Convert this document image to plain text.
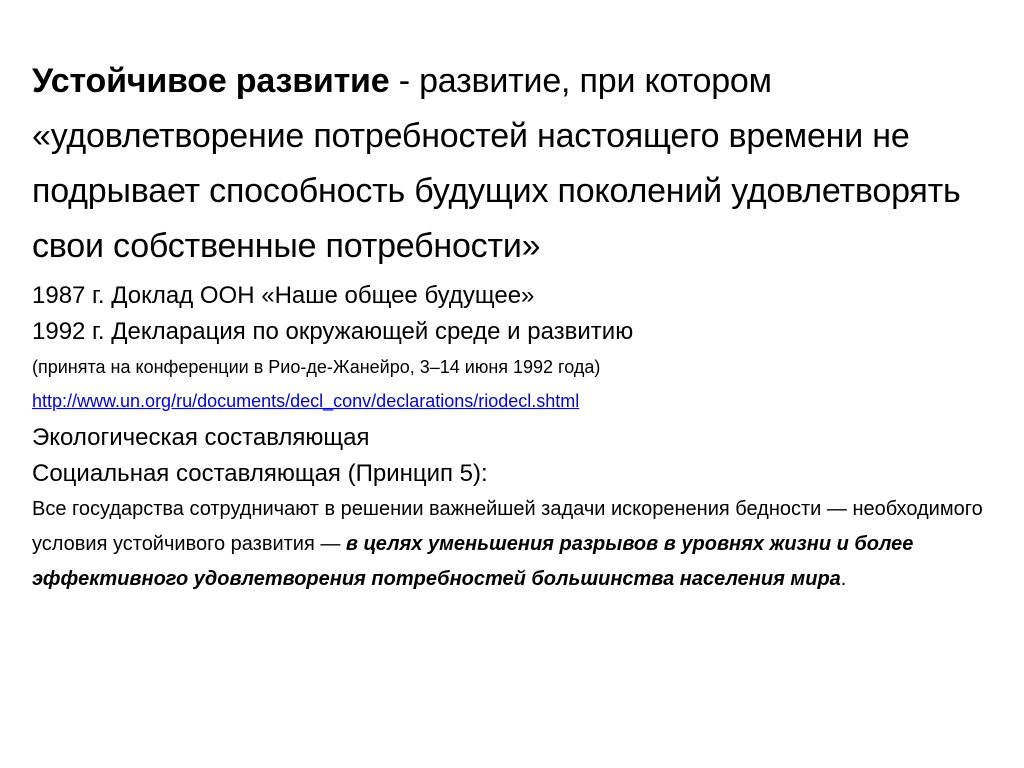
Устойчивое развитие - развитие, при котором «удовлетворение потребностей настоящего времени не подрывает способность будущих поколений удовлетворять свои собственные потребности»

1987 г. Доклад ООН «Наше общее будущее»

1992 г. Декларация по окружающей среде и развитию

(принята на конференции в Рио-де-Жанейро, 3–14 июня 1992 года)

http://www.un.org/ru/documents/decl_conv/declarations/riodecl.shtml

Экологическая составляющая

Социальная составляющая (Принцип 5):

Все государства сотрудничают в решении важнейшей задачи искоренения бедности — необходимого условия устойчивого развития — в целях уменьшения разрывов в уровнях жизни и более эффективного удовлетворения потребностей большинства населения мира.
